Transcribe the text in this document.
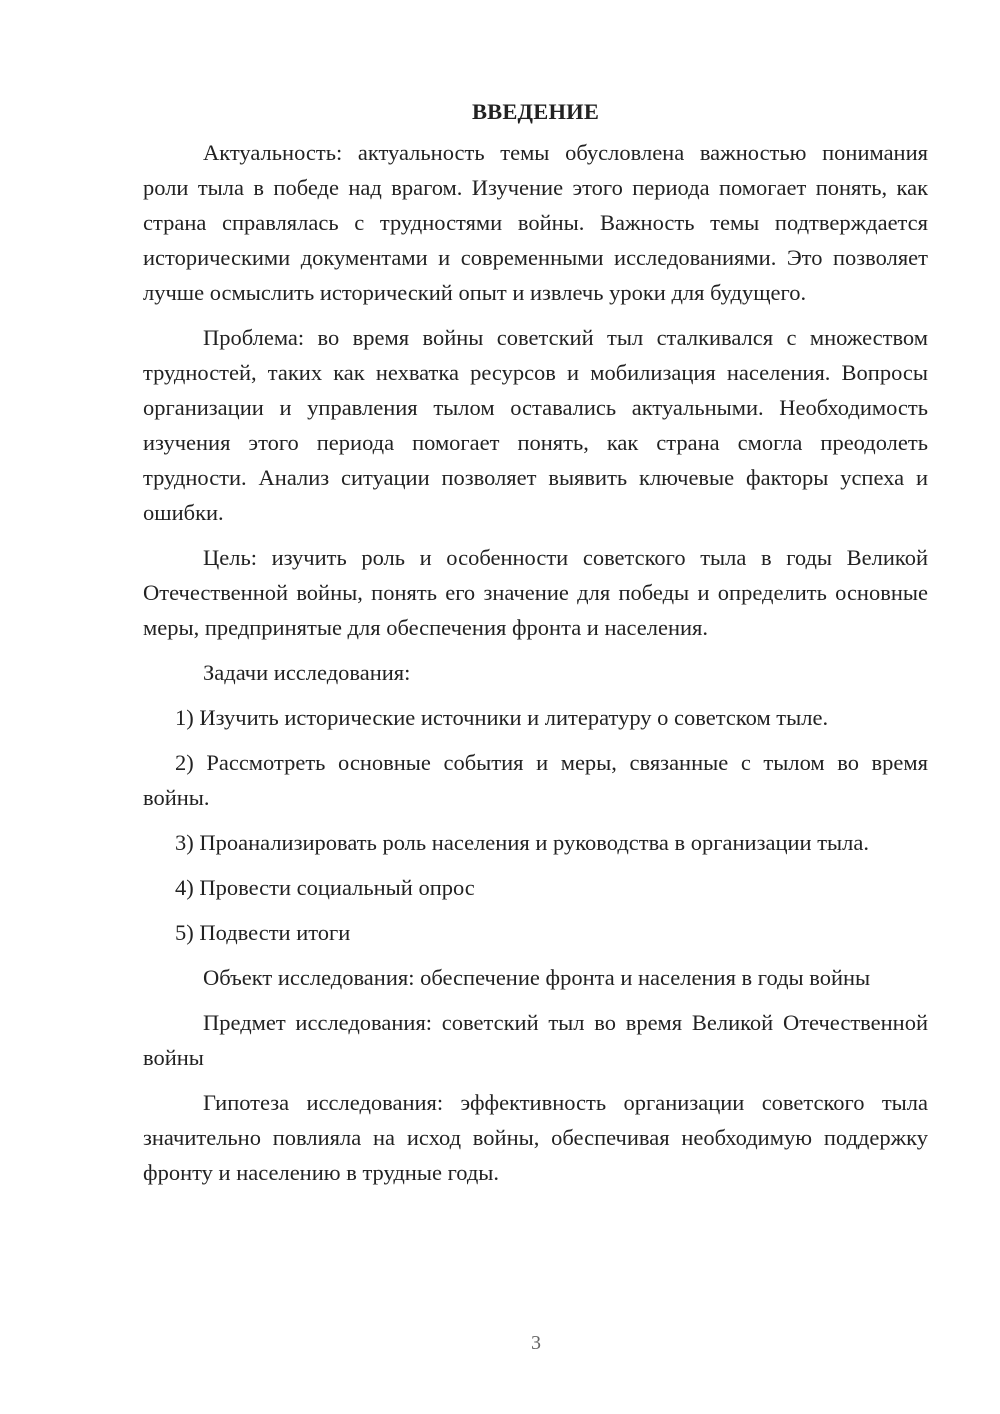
ВВЕДЕНИЕ

Актуальность: актуальность темы обусловлена важностью понимания роли тыла в победе над врагом. Изучение этого периода помогает понять, как страна справлялась с трудностями войны. Важность темы подтверждается историческими документами и современными исследованиями. Это позволяет лучше осмыслить исторический опыт и извлечь уроки для будущего.

Проблема: во время войны советский тыл сталкивался с множеством трудностей, таких как нехватка ресурсов и мобилизация населения. Вопросы организации и управления тылом оставались актуальными. Необходимость изучения этого периода помогает понять, как страна смогла преодолеть трудности. Анализ ситуации позволяет выявить ключевые факторы успеха и ошибки.

Цель: изучить роль и особенности советского тыла в годы Великой Отечественной войны, понять его значение для победы и определить основные меры, предпринятые для обеспечения фронта и населения.

Задачи исследования:

1) Изучить исторические источники и литературу о советском тыле.

2) Рассмотреть основные события и меры, связанные с тылом во время войны.

3) Проанализировать роль населения и руководства в организации тыла.

4) Провести социальный опрос

5) Подвести итоги

Объект исследования: обеспечение фронта и населения в годы войны

Предмет исследования: советский тыл во время Великой Отечественной войны

Гипотеза исследования: эффективность организации советского тыла значительно повлияла на исход войны, обеспечивая необходимую поддержку фронту и населению в трудные годы.

3
